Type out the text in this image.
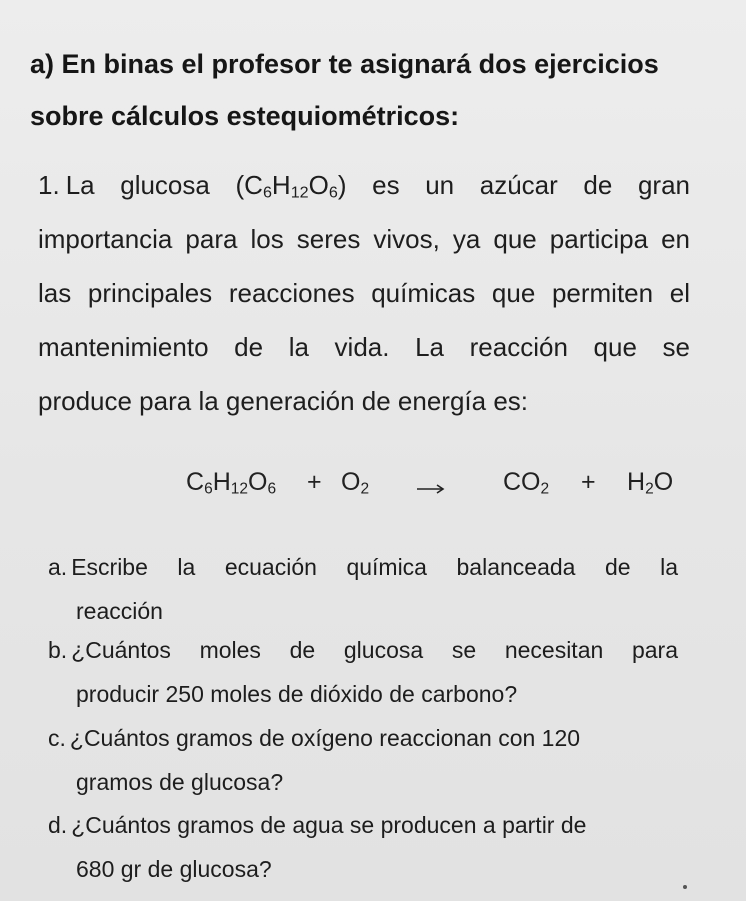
a) En binas el profesor te asignará dos ejercicios
sobre cálculos estequiométricos:
1. La glucosa $(C_6H_{12}O_6)$ es un azúcar de gran
importancia para los seres vivos, ya que participa en
las principales reacciones químicas que permiten el
mantenimiento de la vida. La reacción que se
produce para la generación de energía es:
$C_6H_{12}O_6 + O_2$	$CO_2 + H_2O$
a. Escribe la ecuación química balanceada de la
reacción
b. ¿Cuántos moles de glucosa se necesitan para
producir 250 moles de dióxido de carbono?
c. ¿Cuántos gramos de oxígeno reaccionan con 120
gramos de glucosa?
d. ¿Cuántos gramos de agua se producen a partir de
680 gr de glucosa?
